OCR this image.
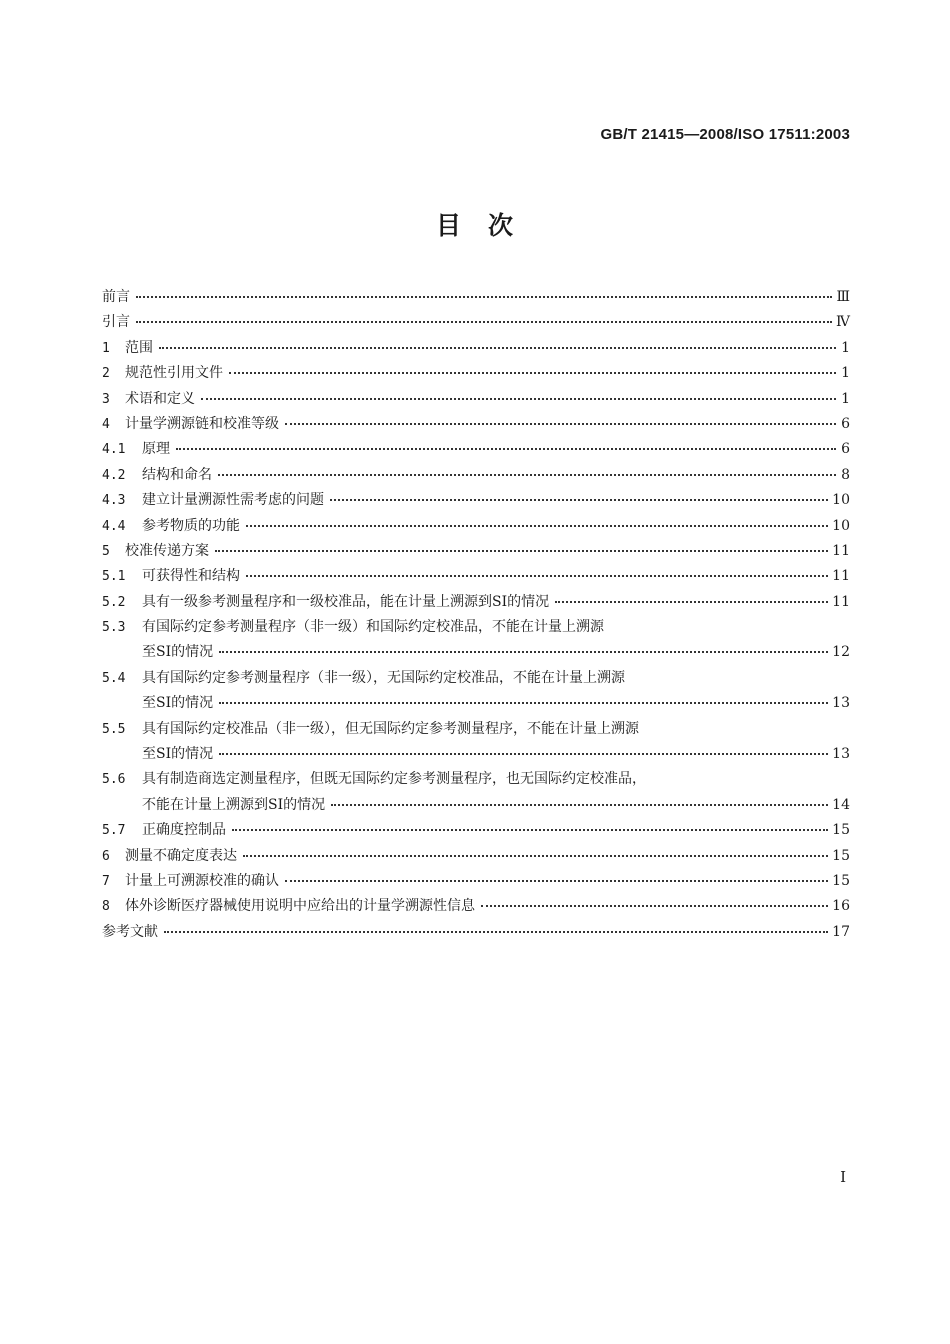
GB/T 21415—2008/ISO 17511:2003
目　次
前言	Ⅲ
引言	Ⅳ
1	范围	1
2	规范性引用文件	1
3	术语和定义	1
4	计量学溯源链和校准等级	6
4.1	原理	6
4.2	结构和命名	8
4.3	建立计量溯源性需考虑的问题	10
4.4	参考物质的功能	10
5	校准传递方案	11
5.1	可获得性和结构	11
5.2	具有一级参考测量程序和一级校准品，能在计量上溯源到SI的情况	11
5.3	有国际约定参考测量程序（非一级）和国际约定校准品，不能在计量上溯源
至SI的情况	12
5.4	具有国际约定参考测量程序（非一级），无国际约定校准品，不能在计量上溯源
至SI的情况	13
5.5	具有国际约定校准品（非一级），但无国际约定参考测量程序，不能在计量上溯源
至SI的情况	13
5.6	具有制造商选定测量程序，但既无国际约定参考测量程序，也无国际约定校准品，
不能在计量上溯源到SI的情况	14
5.7	正确度控制品	15
6	测量不确定度表达	15
7	计量上可溯源校准的确认	15
8	体外诊断医疗器械使用说明中应给出的计量学溯源性信息	16
参考文献	17
I
